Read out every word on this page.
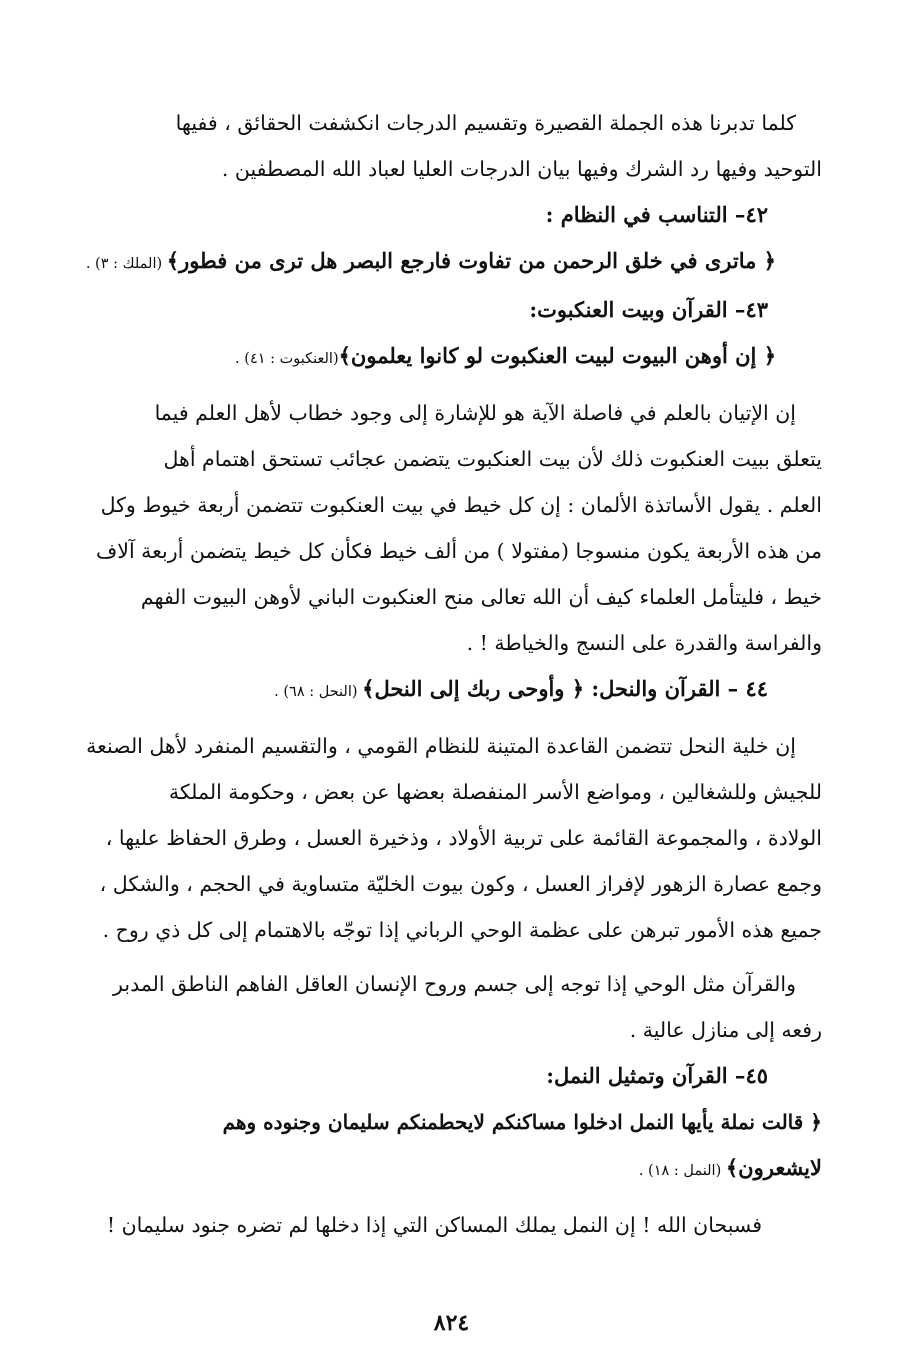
كلما تدبرنا هذه الجملة القصيرة وتقسيم الدرجات انكشفت الحقائق ، ففيها
التوحيد وفيها رد الشرك وفيها بيان الدرجات العليا لعباد الله المصطفين .
٤٢– التناسب في النظام :
﴿ ماترى في خلق الرحمن من تفاوت فارجع البصر هل ترى من فطور﴾ (الملك : ٣) .
٤٣– القرآن وبيت العنكبوت:
﴿ إن أوهن البيوت لبيت العنكبوت لو كانوا يعلمون﴾(العنكبوت : ٤١) .
إن الإتيان بالعلم في فاصلة الآية هو للإشارة إلى وجود خطاب لأهل العلم فيما
يتعلق ببيت العنكبوت ذلك لأن بيت العنكبوت يتضمن عجائب تستحق اهتمام أهل
العلم . يقول الأساتذة الألمان : إن كل خيط في بيت العنكبوت تتضمن أربعة خيوط وكل
من هذه الأربعة يكون منسوجا (مفتولا ) من ألف خيط فكأن كل خيط يتضمن أربعة آلاف
خيط ، فليتأمل العلماء كيف أن الله تعالى منح العنكبوت الباني لأوهن البيوت الفهم
والفراسة والقدرة على النسج والخياطة ! .
٤٤ – القرآن والنحل: ﴿ وأوحى ربك إلى النحل﴾ (النحل : ٦٨) .
إن خلية النحل تتضمن القاعدة المتينة للنظام القومي ، والتقسيم المنفرد لأهل الصنعة
للجيش وللشغالين ، ومواضع الأسر المنفصلة بعضها عن بعض ، وحكومة الملكة
الولادة ، والمجموعة القائمة على تربية الأولاد ، وذخيرة العسل ، وطرق الحفاظ عليها ،
وجمع عصارة الزهور لإفراز العسل ، وكون بيوت الخليّة متساوية في الحجم ، والشكل ،
جميع هذه الأمور تبرهن على عظمة الوحي الرباني إذا توجّه بالاهتمام إلى كل ذي روح .
والقرآن مثل الوحي إذا توجه إلى جسم وروح الإنسان العاقل الفاهم الناطق المدبر
رفعه إلى منازل عالية .
٤٥– القرآن وتمثيل النمل:
﴿ قالت نملة يأيها النمل ادخلوا مساكنكم لايحطمنكم سليمان وجنوده وهم
لايشعرون﴾ (النمل : ١٨) .
فسبحان الله ! إن النمل يملك المساكن التي إذا دخلها لم تضره جنود سليمان !
٨٢٤
